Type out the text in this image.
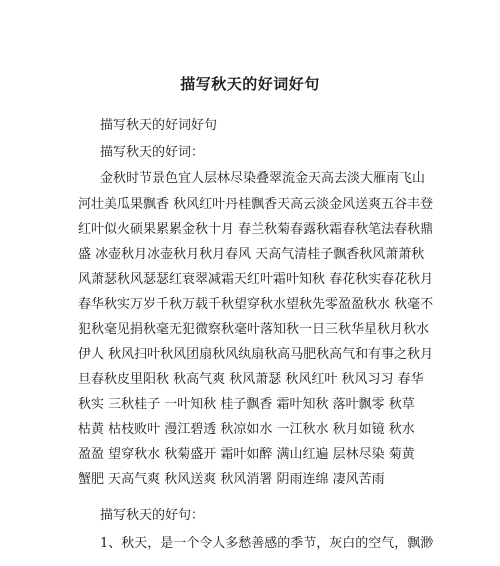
描写秋天的好词好句
描写秋天的好词好句
描写秋天的好词：
金秋时节景色宜人层林尽染叠翠流金天高去淡大雁南飞山
河壮美瓜果飘香 秋风红叶丹桂飘香天高云淡金风送爽五谷丰登
红叶似火硕果累累金秋十月 春兰秋菊春露秋霜春秋笔法春秋鼎
盛 冰壶秋月冰壶秋月秋月春风 天高气清桂子飘香秋风萧萧秋
风萧瑟秋风瑟瑟红衰翠减霜天红叶霜叶知秋 春花秋实春花秋月
春华秋实万岁千秋万载千秋望穿秋水望秋先零盈盈秋水 秋毫不
犯秋毫见捐秋毫无犯微察秋毫叶落知秋一日三秋华星秋月秋水
伊人 秋风扫叶秋风团扇秋风纨扇秋高马肥秋高气和有事之秋月
旦春秋皮里阳秋 秋高气爽 秋风萧瑟 秋风红叶 秋风习习 春华
秋实 三秋桂子 一叶知秋 桂子飘香 霜叶知秋 落叶飘零 秋草
枯黄 枯枝败叶 漫江碧透 秋凉如水 一江秋水 秋月如镜 秋水
盈盈 望穿秋水 秋菊盛开 霜叶如醉 满山红遍 层林尽染 菊黄
蟹肥 天高气爽 秋风送爽 秋风消署 阴雨连绵 凄风苦雨
描写秋天的好句：
1、秋天，是一个令人多愁善感的季节，灰白的空气，飘渺
